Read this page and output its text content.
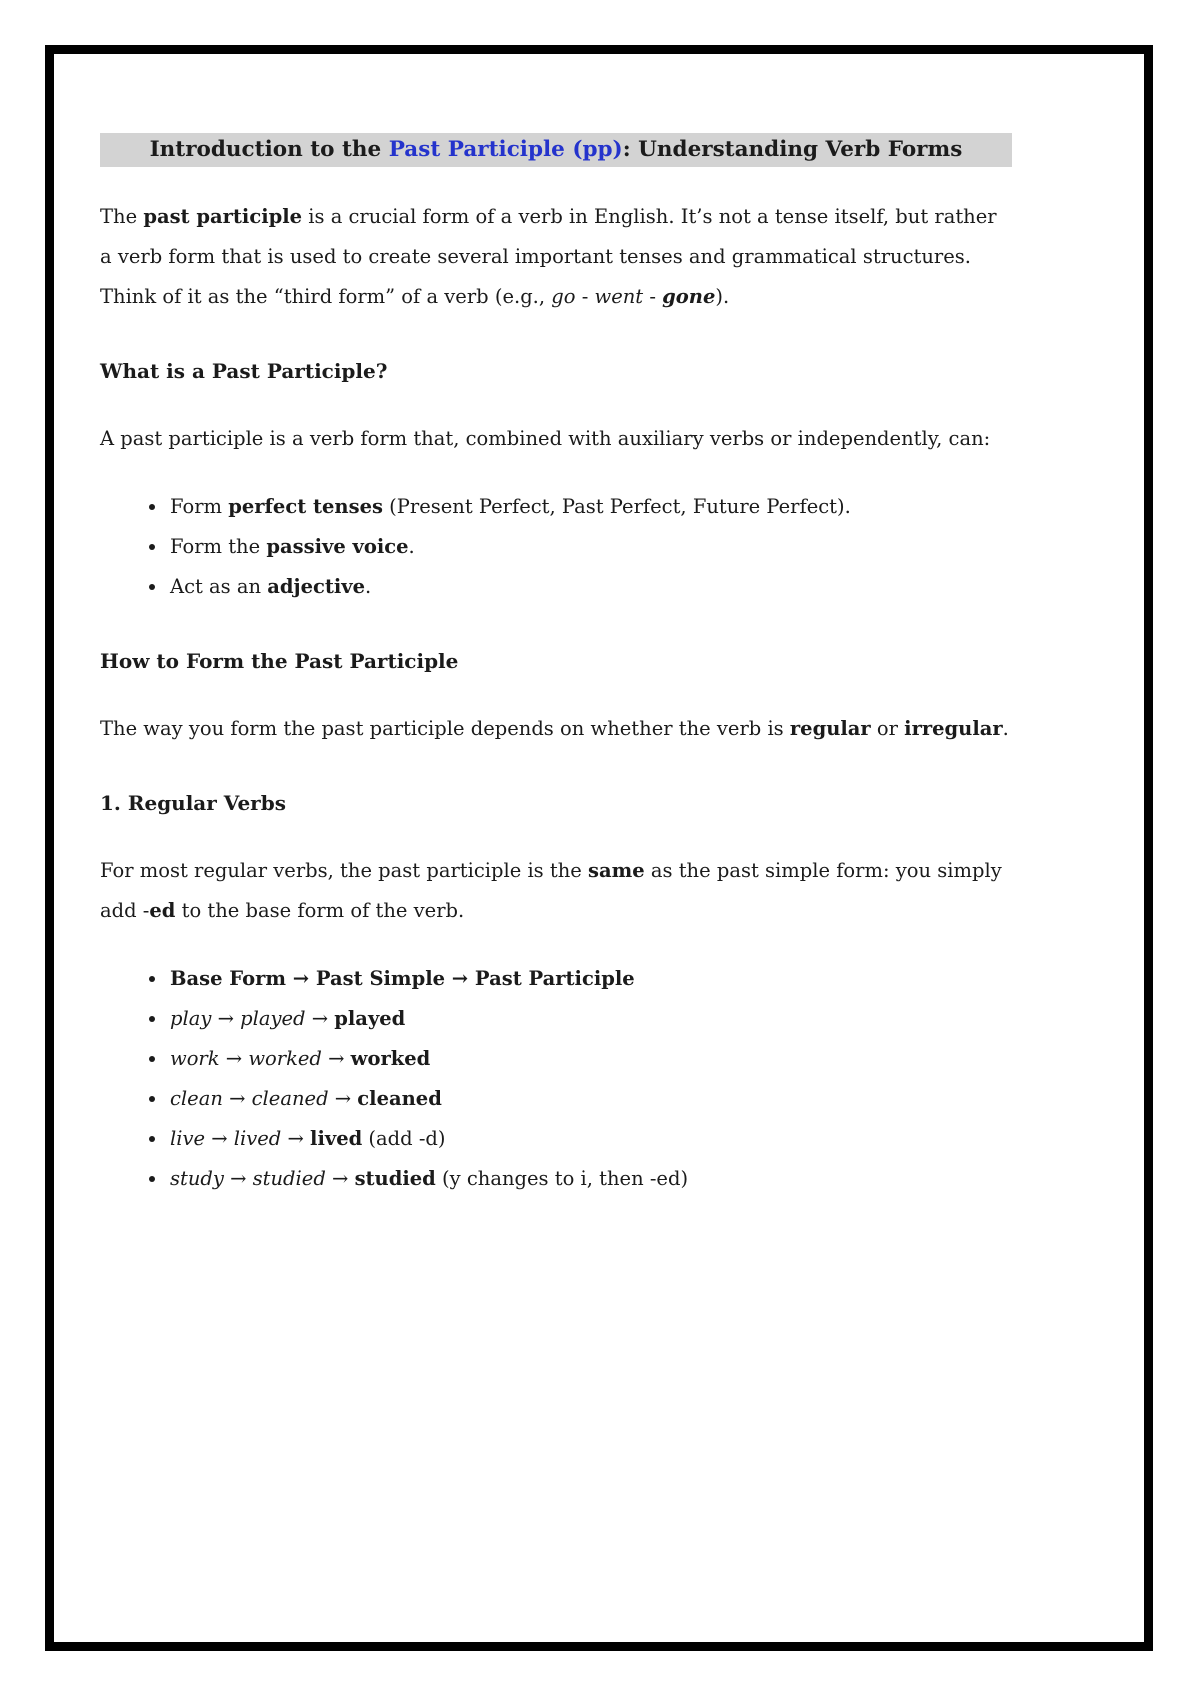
Introduction to the Past Participle (pp): Understanding Verb Forms
The past participle is a crucial form of a verb in English. It’s not a tense itself, but rather a verb form that is used to create several important tenses and grammatical structures. Think of it as the “third form” of a verb (e.g., go - went - gone).
What is a Past Participle?
A past participle is a verb form that, combined with auxiliary verbs or independently, can:
• Form perfect tenses (Present Perfect, Past Perfect, Future Perfect).
• Form the passive voice.
• Act as an adjective.
How to Form the Past Participle
The way you form the past participle depends on whether the verb is regular or irregular.
1. Regular Verbs
For most regular verbs, the past participle is the same as the past simple form: you simply add -ed to the base form of the verb.
• Base Form → Past Simple → Past Participle
• play → played → played
• work → worked → worked
• clean → cleaned → cleaned
• live → lived → lived (add -d)
• study → studied → studied (y changes to i, then -ed)
